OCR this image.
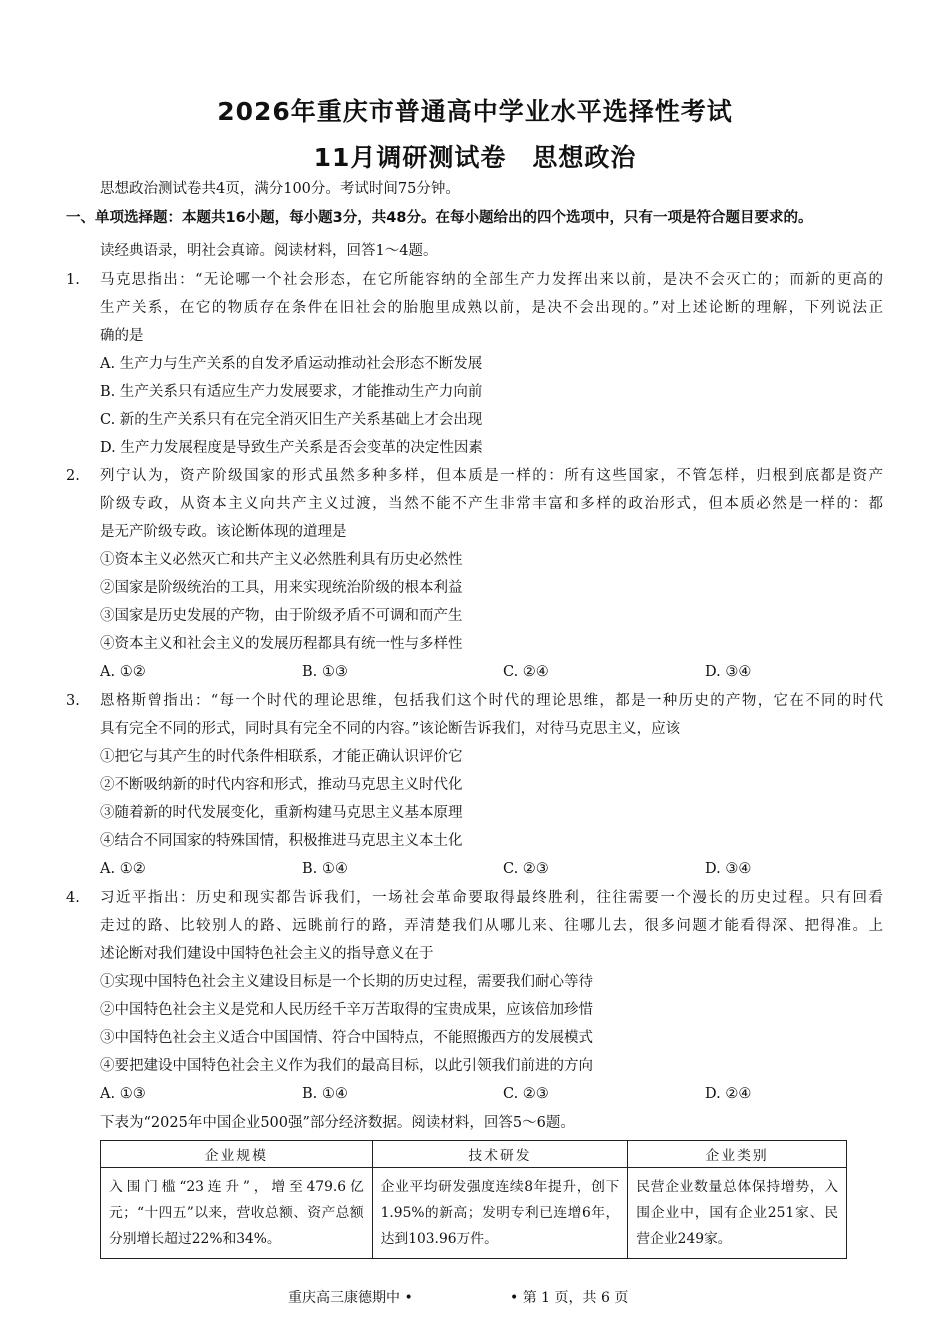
2026年重庆市普通高中学业水平选择性考试
11月调研测试卷　思想政治
思想政治测试卷共4页，满分100分。考试时间75分钟。
一、单项选择题：本题共16小题，每小题3分，共48分。在每小题给出的四个选项中，只有一项是符合题目要求的。
读经典语录，明社会真谛。阅读材料，回答1～4题。
1. 马克思指出：“无论哪一个社会形态，在它所能容纳的全部生产力发挥出来以前，是决不会灭亡的；而新的更高的
生产关系，在它的物质存在条件在旧社会的胎胞里成熟以前，是决不会出现的。”对上述论断的理解，下列说法正
确的是
A. 生产力与生产关系的自发矛盾运动推动社会形态不断发展
B. 生产关系只有适应生产力发展要求，才能推动生产力向前
C. 新的生产关系只有在完全消灭旧生产关系基础上才会出现
D. 生产力发展程度是导致生产关系是否会变革的决定性因素
2. 列宁认为，资产阶级国家的形式虽然多种多样，但本质是一样的：所有这些国家，不管怎样，归根到底都是资产
阶级专政，从资本主义向共产主义过渡，当然不能不产生非常丰富和多样的政治形式，但本质必然是一样的：都
是无产阶级专政。该论断体现的道理是
①资本主义必然灭亡和共产主义必然胜利具有历史必然性
②国家是阶级统治的工具，用来实现统治阶级的根本利益
③国家是历史发展的产物，由于阶级矛盾不可调和而产生
④资本主义和社会主义的发展历程都具有统一性与多样性
A. ①②	B. ①③	C. ②④	D. ③④
3. 恩格斯曾指出：“每一个时代的理论思维，包括我们这个时代的理论思维，都是一种历史的产物，它在不同的时代
具有完全不同的形式，同时具有完全不同的内容。”该论断告诉我们，对待马克思主义，应该
①把它与其产生的时代条件相联系，才能正确认识评价它
②不断吸纳新的时代内容和形式，推动马克思主义时代化
③随着新的时代发展变化，重新构建马克思主义基本原理
④结合不同国家的特殊国情，积极推进马克思主义本土化
A. ①②	B. ①④	C. ②③	D. ③④
4. 习近平指出：历史和现实都告诉我们，一场社会革命要取得最终胜利，往往需要一个漫长的历史过程。只有回看
走过的路、比较别人的路、远眺前行的路，弄清楚我们从哪儿来、往哪儿去，很多问题才能看得深、把得准。上
述论断对我们建设中国特色社会主义的指导意义在于
①实现中国特色社会主义建设目标是一个长期的历史过程，需要我们耐心等待
②中国特色社会主义是党和人民历经千辛万苦取得的宝贵成果，应该倍加珍惜
③中国特色社会主义适合中国国情、符合中国特点，不能照搬西方的发展模式
④要把建设中国特色社会主义作为我们的最高目标，以此引领我们前进的方向
A. ①③	B. ①④	C. ②③	D. ②④
下表为“2025年中国企业500强”部分经济数据。阅读材料，回答5～6题。
企业规模	技术研发	企业类别
入围门槛“23连升”，增至479.6亿元；“十四五”以来，营收总额、资产总额分别增长超过22%和34%。	企业平均研发强度连续8年提升，创下1.95%的新高；发明专利已连增6年，达到103.96万件。	民营企业数量总体保持增势，入围企业中，国有企业251家、民营企业249家。
重庆高三康德期中 •	• 第 1 页，共 6 页
